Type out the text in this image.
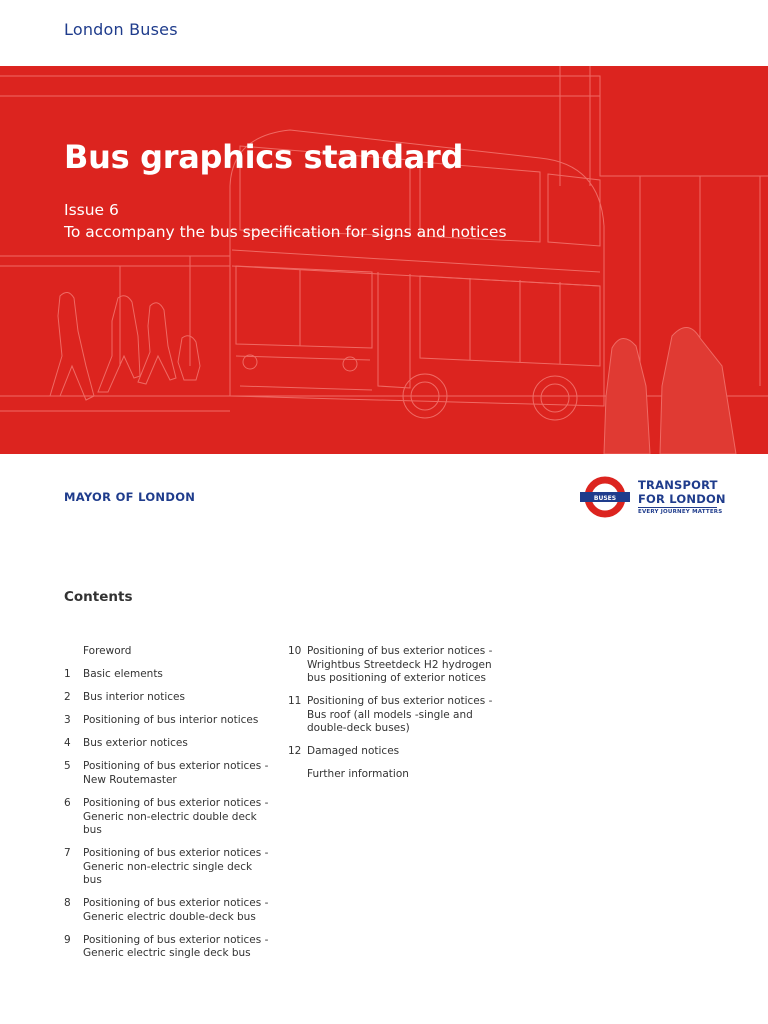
London Buses
Bus graphics standard
Issue 6
To accompany the bus specification for signs and notices
MAYOR OF LONDON	BUSES
TRANSPORT
FOR LONDON
EVERY JOURNEY MATTERS
Contents
Foreword
1	Basic elements
2	Bus interior notices
3	Positioning of bus interior notices
4	Bus exterior notices
5	Positioning of bus exterior notices - New Routemaster
6	Positioning of bus exterior notices - Generic non-electric double deck bus
7	Positioning of bus exterior notices - Generic non-electric single deck bus
8	Positioning of bus exterior notices - Generic electric double-deck bus
9	Positioning of bus exterior notices - Generic electric single deck bus
10 Positioning of bus exterior notices - Wrightbus Streetdeck H2 hydrogen bus positioning of exterior notices
11 Positioning of bus exterior notices - Bus roof (all models -single and double-deck buses)
12 Damaged notices
Further information
